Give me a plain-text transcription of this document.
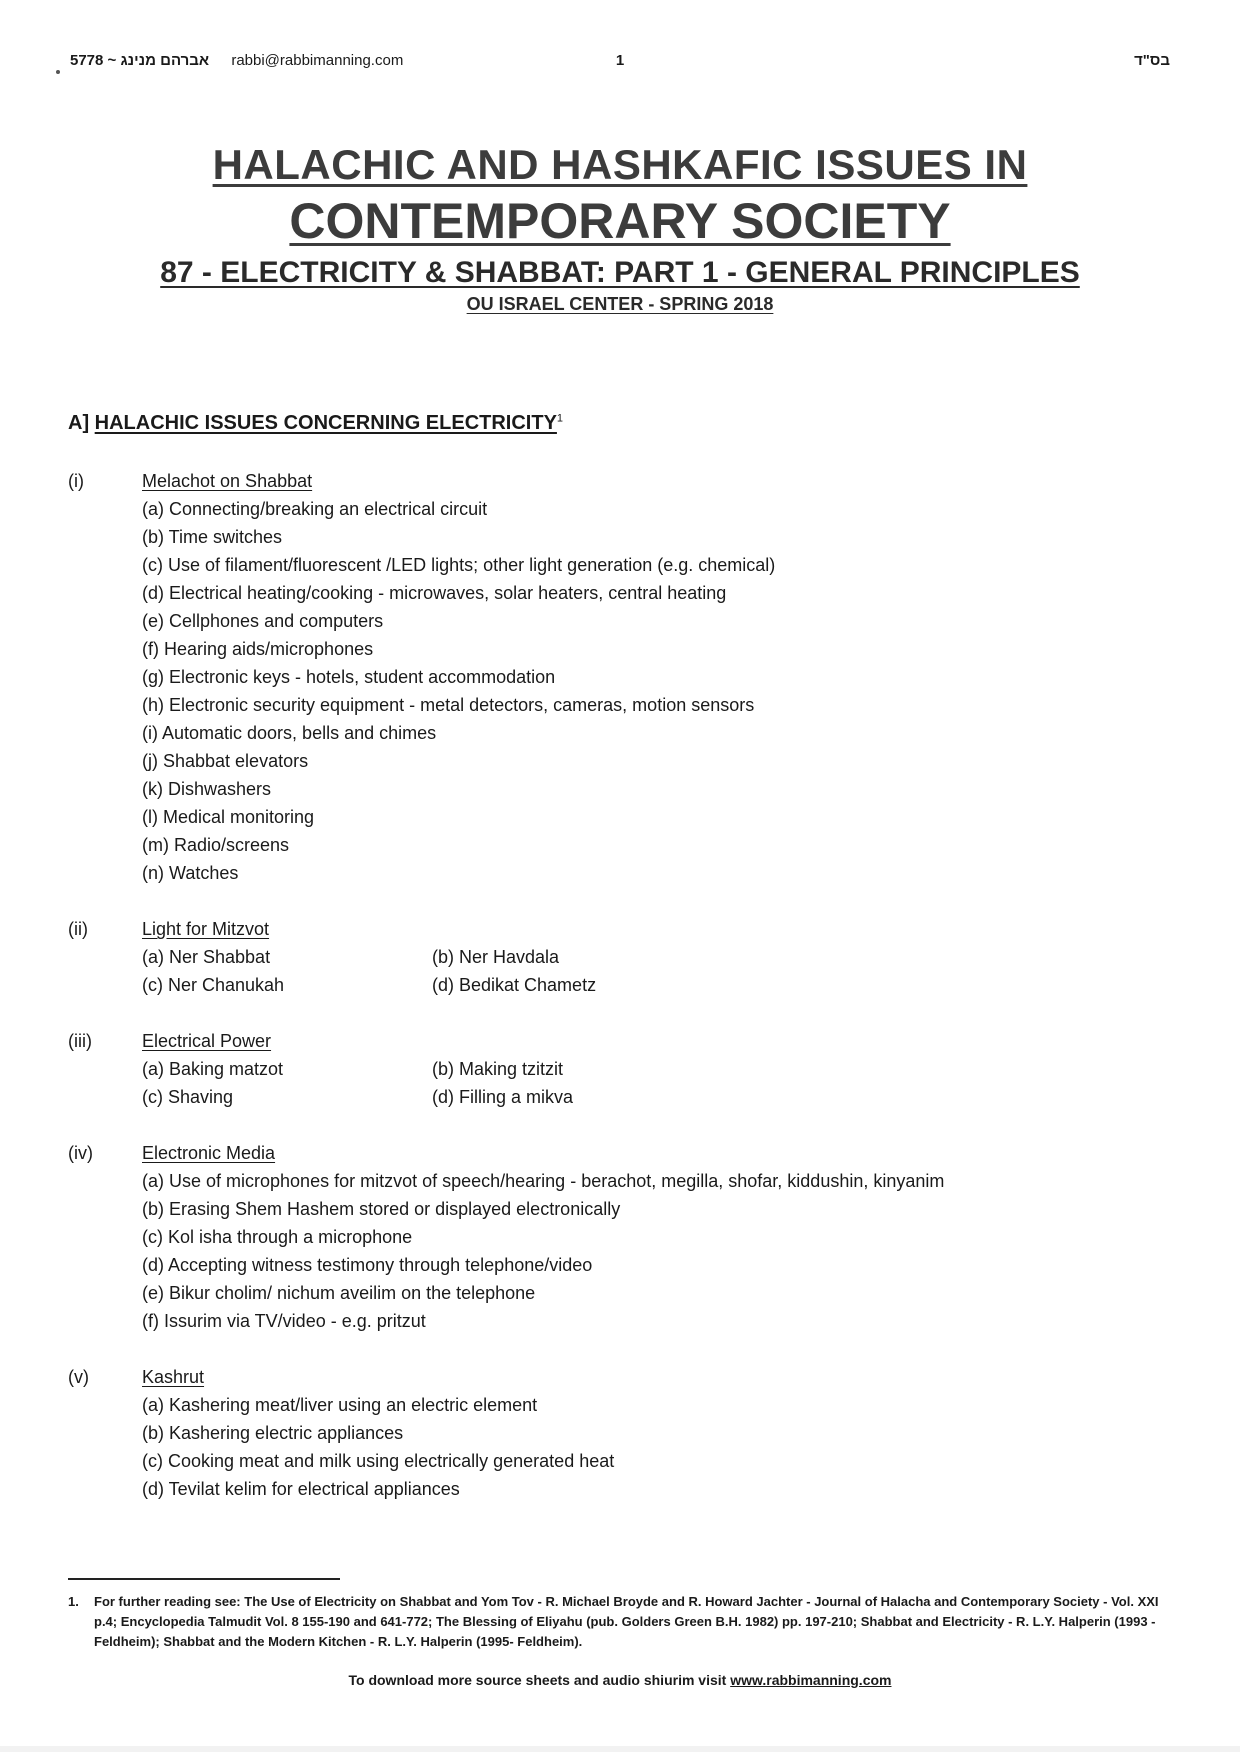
5778 ~ אברהם מנינג rabbi@rabbimanning.com	1	בס"ד
HALACHIC AND HASHKAFIC ISSUES IN
CONTEMPORARY SOCIETY
87 - ELECTRICITY & SHABBAT: PART 1 - GENERAL PRINCIPLES
OU ISRAEL CENTER - SPRING 2018
A] HALACHIC ISSUES CONCERNING ELECTRICITY$^1$
(i)	Melachot on Shabbat
(a) Connecting/breaking an electrical circuit
(b) Time switches
(c) Use of filament/fluorescent /LED lights; other light generation (e.g. chemical)
(d) Electrical heating/cooking - microwaves, solar heaters, central heating
(e) Cellphones and computers
(f) Hearing aids/microphones
(g) Electronic keys - hotels, student accommodation
(h) Electronic security equipment - metal detectors, cameras, motion sensors
(i) Automatic doors, bells and chimes
(j) Shabbat elevators
(k) Dishwashers
(l) Medical monitoring
(m) Radio/screens
(n) Watches
(ii)	Light for Mitzvot
(a) Ner Shabbat	(b) Ner Havdala
(c) Ner Chanukah	(d) Bedikat Chametz
(iii)	Electrical Power
(a) Baking matzot	(b) Making tzitzit
(c) Shaving	(d) Filling a mikva
(iv)	Electronic Media
(a) Use of microphones for mitzvot of speech/hearing - berachot, megilla, shofar, kiddushin, kinyanim
(b) Erasing Shem Hashem stored or displayed electronically
(c) Kol isha through a microphone
(d) Accepting witness testimony through telephone/video
(e) Bikur cholim/ nichum aveilim on the telephone
(f) Issurim via TV/video - e.g. pritzut
(v)	Kashrut
(a) Kashering meat/liver using an electric element
(b) Kashering electric appliances
(c) Cooking meat and milk using electrically generated heat
(d) Tevilat kelim for electrical appliances
1.	For further reading see: The Use of Electricity on Shabbat and Yom Tov - R. Michael Broyde and R. Howard Jachter - Journal of Halacha and Contemporary Society - Vol. XXI p.4; Encyclopedia Talmudit Vol. 8 155-190 and 641-772; The Blessing of Eliyahu (pub. Golders Green B.H. 1982) pp. 197-210; Shabbat and Electricity - R. L.Y. Halperin (1993 - Feldheim); Shabbat and the Modern Kitchen - R. L.Y. Halperin (1995- Feldheim).
To download more source sheets and audio shiurim visit www.rabbimanning.com
